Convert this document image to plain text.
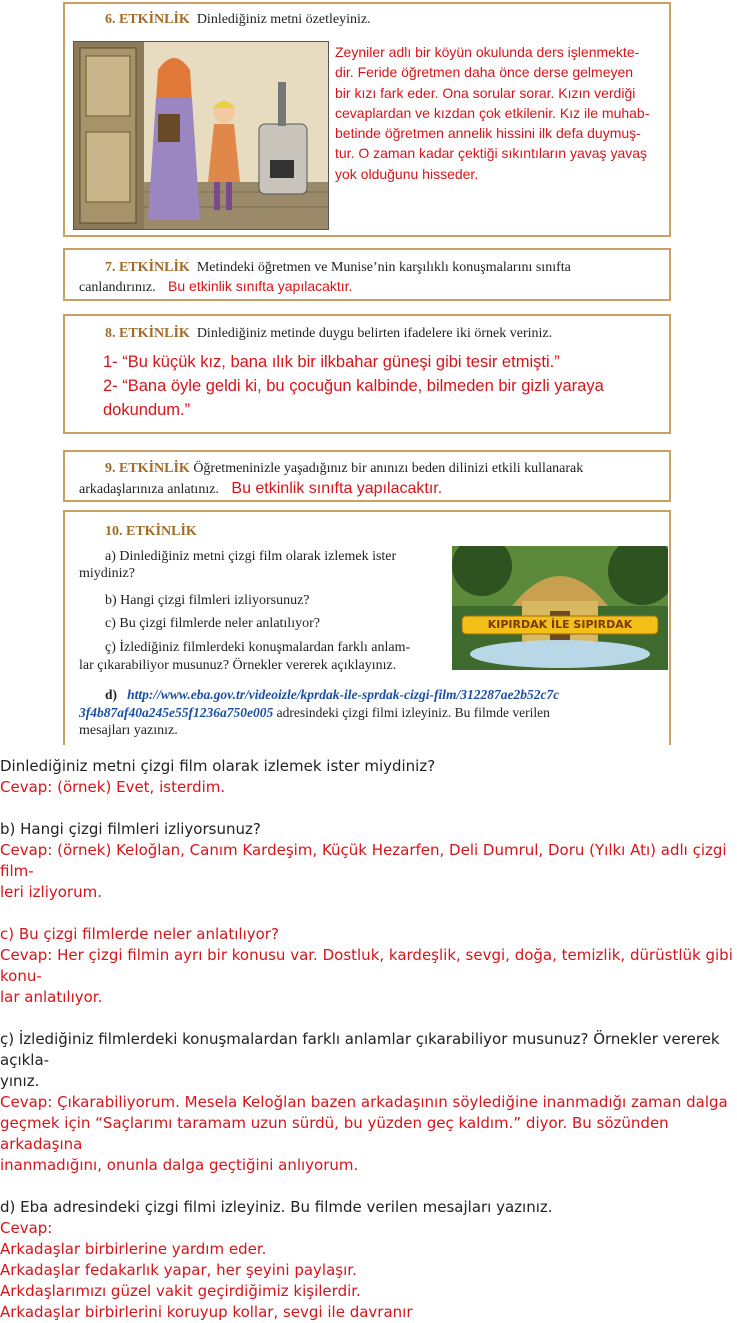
6. ETKİNLİK Dinlediğiniz metni özetleyiniz.
Zeyniler adlı bir köyün okulunda ders işlenmekte-
dir. Feride öğretmen daha önce derse gelmeyen
bir kızı fark eder. Ona sorular sorar. Kızın verdiği
cevaplardan ve kızdan çok etkilenir. Kız ile muhab-
betinde öğretmen annelik hissini ilk defa duymuş-
tur. O zaman kadar çektiği sıkıntıların yavaş yavaş
yok olduğunu hisseder.
7. ETKİNLİK Metindeki öğretmen ve Munise’nin karşılıklı konuşmalarını sınıfta
canlandırınız. Bu etkinlik sınıfta yapılacaktır.
8. ETKİNLİK Dinlediğiniz metinde duygu belirten ifadelere iki örnek veriniz.
1- “Bu küçük kız, bana ılık bir ilkbahar güneşi gibi tesir etmişti.”
2- “Bana öyle geldi ki, bu çocuğun kalbinde, bilmeden bir gizli yaraya
dokundum.”
9. ETKİNLİK Öğretmeninizle yaşadığınız bir anınızı beden dilinizi etkili kullanarak
arkadaşlarınıza anlatınız. Bu etkinlik sınıfta yapılacaktır.
10. ETKİNLİK
a) Dinlediğiniz metni çizgi film olarak izlemek ister
miydiniz?
b) Hangi çizgi filmleri izliyorsunuz?
c) Bu çizgi filmlerde neler anlatılıyor?
ç) İzlediğiniz filmlerdeki konuşmalardan farklı anlam-
lar çıkarabiliyor musunuz? Örnekler vererek açıklayınız.
KIPIRDAK İLE SIPIRDAK
d) http://www.eba.gov.tr/videoizle/kprdak-ile-sprdak-cizgi-film/312287ae2b52c7c
3f4b87af40a245e55f1236a750e005 adresindeki çizgi filmi izleyiniz. Bu filmde verilen
mesajları yazınız.
Dinlediğiniz metni çizgi film olarak izlemek ister miydiniz?
Cevap: (örnek) Evet, isterdim.
b) Hangi çizgi filmleri izliyorsunuz?
Cevap: (örnek) Keloğlan, Canım Kardeşim, Küçük Hezarfen, Deli Dumrul, Doru (Yılkı Atı) adlı çizgi film-
leri izliyorum.
c) Bu çizgi filmlerde neler anlatılıyor?
Cevap: Her çizgi filmin ayrı bir konusu var. Dostluk, kardeşlik, sevgi, doğa, temizlik, dürüstlük gibi konu-
lar anlatılıyor.
ç) İzlediğiniz filmlerdeki konuşmalardan farklı anlamlar çıkarabiliyor musunuz? Örnekler vererek açıkla-
yınız.
Cevap: Çıkarabiliyorum. Mesela Keloğlan bazen arkadaşının söylediğine inanmadığı zaman dalga
geçmek için “Saçlarımı taramam uzun sürdü, bu yüzden geç kaldım.” diyor. Bu sözünden arkadaşına
inanmadığını, onunla dalga geçtiğini anlıyorum.
d) Eba adresindeki çizgi filmi izleyiniz. Bu filmde verilen mesajları yazınız.
Cevap:
Arkadaşlar birbirlerine yardım eder.
Arkadaşlar fedakarlık yapar, her şeyini paylaşır.
Arkdaşlarımızı güzel vakit geçirdiğimiz kişilerdir.
Arkadaşlar birbirlerini koruyup kollar, sevgi ile davranır
